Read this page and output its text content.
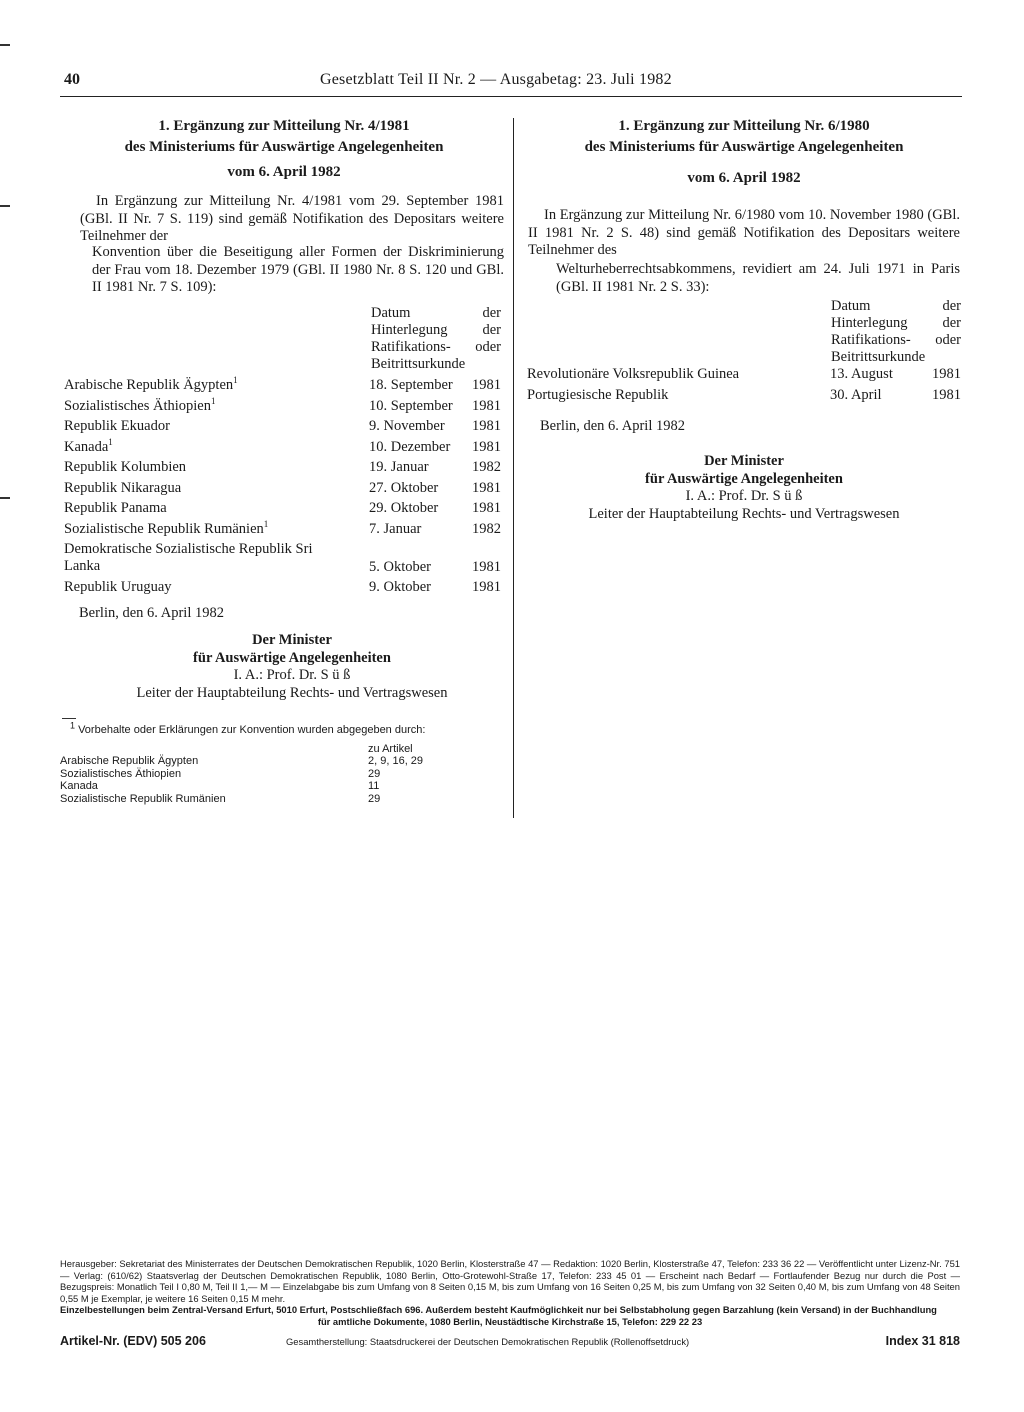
40	Gesetzblatt Teil II Nr. 2 — Ausgabetag: 23. Juli 1982
1. Ergänzung zur Mitteilung Nr. 4/1981
des Ministeriums für Auswärtige Angelegenheiten
vom 6. April 1982
In Ergänzung zur Mitteilung Nr. 4/1981 vom 29. September 1981 (GBl. II Nr. 7 S. 119) sind gemäß Notifikation des Depositars weitere Teilnehmer der
Konvention über die Beseitigung aller Formen der Diskriminierung der Frau vom 18. Dezember 1979 (GBl. II 1980 Nr. 8 S. 120 und GBl. II 1981 Nr. 7 S. 109):
Datum der Hinterlegung der Ratifikations- oder Beitrittsurkunde
Arabische Republik Ägypten$^1$	18. September 1981
Sozialistisches Äthiopien$^1$	10. September 1981
Republik Ekuador	9. November 1981
Kanada$^1$	10. Dezember 1981
Republik Kolumbien	19. Januar	1982
Republik Nikaragua	27. Oktober 1981
Republik Panama	29. Oktober 1981
Sozialistische Republik Rumänien$^1$	7. Januar	1982
Demokratische Sozialistische Republik Sri Lanka	5. Oktober	1981
Republik Uruguay	9. Oktober	1981
Berlin, den 6. April 1982
Der Minister
für Auswärtige Angelegenheiten
I. A.: Prof. Dr. S ü ß
Leiter der Hauptabteilung Rechts- und Vertragswesen
$^1$ Vorbehalte oder Erklärungen zur Konvention wurden abgegeben durch:
zu Artikel
Arabische Republik Ägypten	2, 9, 16, 29
Sozialistisches Äthiopien	29
Kanada	11
Sozialistische Republik Rumänien	29
1. Ergänzung zur Mitteilung Nr. 6/1980
des Ministeriums für Auswärtige Angelegenheiten
vom 6. April 1982
In Ergänzung zur Mitteilung Nr. 6/1980 vom 10. November 1980 (GBl. II 1981 Nr. 2 S. 48) sind gemäß Notifikation des Depositars weitere Teilnehmer des
Welturheberrechtsabkommens, revidiert am 24. Juli 1971 in Paris (GBl. II 1981 Nr. 2 S. 33):
Datum der Hinterlegung der Ratifikations- oder Beitrittsurkunde
Revolutionäre Volksrepublik Guinea	13. August	1981
Portugiesische Republik	30. April	1981
Berlin, den 6. April 1982
Der Minister
für Auswärtige Angelegenheiten
I. A.: Prof. Dr. S ü ß
Leiter der Hauptabteilung Rechts- und Vertragswesen
Herausgeber: Sekretariat des Ministerrates der Deutschen Demokratischen Republik, 1020 Berlin, Klosterstraße 47 — Redaktion: 1020 Berlin, Klosterstraße 47, Telefon: 233 36 22 — Veröffentlicht unter Lizenz-Nr. 751 — Verlag: (610/62) Staatsverlag der Deutschen Demokratischen Republik, 1080 Berlin, Otto-Grotewohl-Straße 17, Telefon: 233 45 01 — Erscheint nach Bedarf — Fortlaufender Bezug nur durch die Post — Bezugspreis: Monatlich Teil I 0,80 M, Teil II 1,— M — Einzelabgabe bis zum Umfang von 8 Seiten 0,15 M, bis zum Umfang von 16 Seiten 0,25 M, bis zum Umfang von 32 Seiten 0,40 M, bis zum Umfang von 48 Seiten 0,55 M je Exemplar, je weitere 16 Seiten 0,15 M mehr.
Einzelbestellungen beim Zentral-Versand Erfurt, 5010 Erfurt, Postschließfach 696. Außerdem besteht Kaufmöglichkeit nur bei Selbstabholung gegen Barzahlung (kein Versand) in der Buchhandlung
für amtliche Dokumente, 1080 Berlin, Neustädtische Kirchstraße 15, Telefon: 229 22 23
Artikel-Nr. (EDV) 505 206	Gesamtherstellung: Staatsdruckerei der Deutschen Demokratischen Republik (Rollenoffsetdruck)	Index 31 818
